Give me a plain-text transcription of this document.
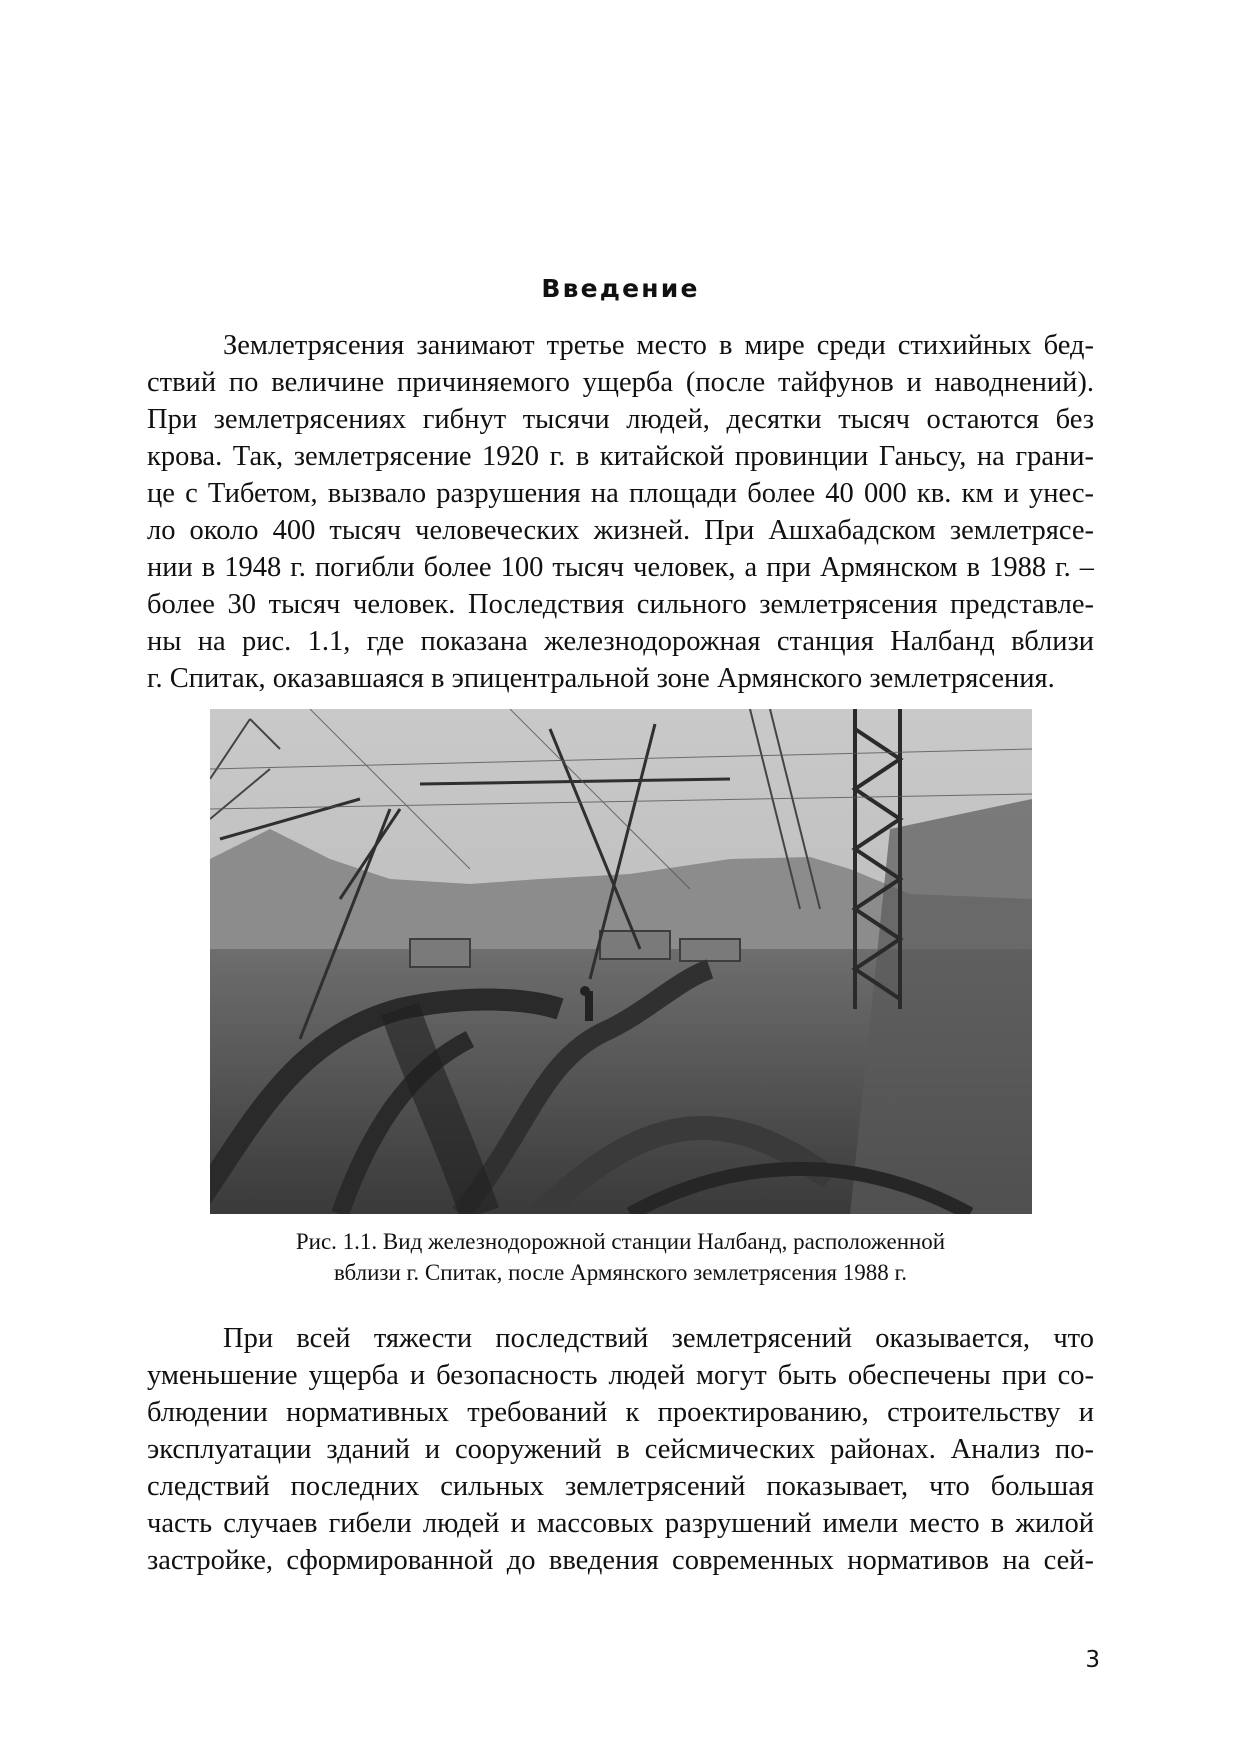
Введение
Землетрясения занимают третье место в мире среди стихийных бед-
ствий по величине причиняемого ущерба (после тайфунов и наводнений).
При землетрясениях гибнут тысячи людей, десятки тысяч остаются без
крова. Так, землетрясение 1920 г. в китайской провинции Ганьсу, на грани-
це с Тибетом, вызвало разрушения на площади более 40 000 кв. км и унес-
ло около 400 тысяч человеческих жизней. При Ашхабадском землетрясе-
нии в 1948 г. погибли более 100 тысяч человек, а при Армянском в 1988 г. –
более 30 тысяч человек. Последствия сильного землетрясения представле-
ны на рис. 1.1, где показана железнодорожная станция Налбанд вблизи
г. Спитак, оказавшаяся в эпицентральной зоне Армянского землетрясения.
Рис. 1.1. Вид железнодорожной станции Налбанд, расположенной
вблизи г. Спитак, после Армянского землетрясения 1988 г.
При всей тяжести последствий землетрясений оказывается, что
уменьшение ущерба и безопасность людей могут быть обеспечены при со-
блюдении нормативных требований к проектированию, строительству и
эксплуатации зданий и сооружений в сейсмических районах. Анализ по-
следствий последних сильных землетрясений показывает, что большая
часть случаев гибели людей и массовых разрушений имели место в жилой
застройке, сформированной до введения современных нормативов на сей-

3
